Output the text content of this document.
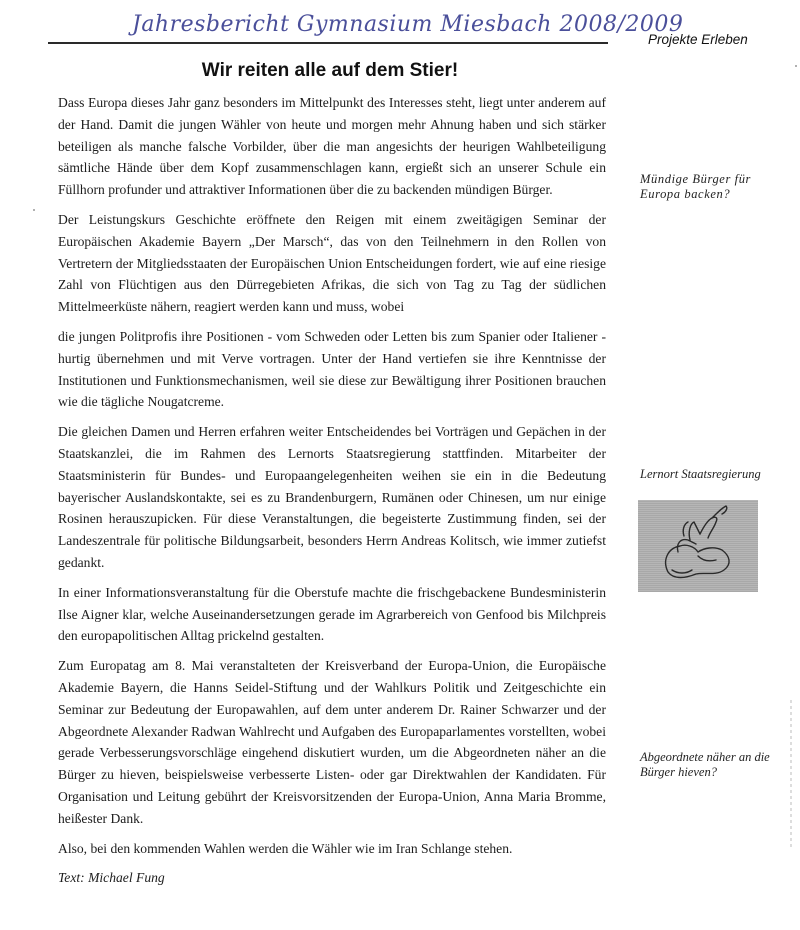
Jahresbericht Gymnasium Miesbach 2008/2009
Projekte Erleben
Wir reiten alle auf dem Stier!

Dass Europa dieses Jahr ganz besonders im Mittelpunkt des Interesses steht, liegt unter anderem auf der Hand. Damit die jungen Wähler von heute und morgen mehr Ahnung haben und sich stärker beteiligen als manche falsche Vorbilder, über die man angesichts der heurigen Wahlbeteiligung sämtliche Hände über dem Kopf zusammenschlagen kann, ergießt sich an unserer Schule ein Füllhorn profunder und attraktiver Informationen über die zu backenden mündigen Bürger.

Der Leistungskurs Geschichte eröffnete den Reigen mit einem zweitägigen Seminar der Europäischen Akademie Bayern „Der Marsch“, das von den Teilnehmern in den Rollen von Vertretern der Mitgliedsstaaten der Europäischen Union Entscheidungen fordert, wie auf eine riesige Zahl von Flüchtigen aus den Dürregebieten Afrikas, die sich von Tag zu Tag der südlichen Mittelmeerküste nähern, reagiert werden kann und muss, wobei

die jungen Politprofis ihre Positionen - vom Schweden oder Letten bis zum Spanier oder Italiener - hurtig übernehmen und mit Verve vortragen. Unter der Hand vertiefen sie ihre Kenntnisse der Institutionen und Funktionsmechanismen, weil sie diese zur Bewältigung ihrer Positionen brauchen wie die tägliche Nougatcreme.

Die gleichen Damen und Herren erfahren weiter Entscheidendes bei Vorträgen und Gepächen in der Staatskanzlei, die im Rahmen des Lernorts Staatsregierung stattfinden. Mitarbeiter der Staatsministerin für Bundes- und Europaangelegenheiten weihen sie ein in die Bedeutung bayerischer Auslandskontakte, sei es zu Brandenburgern, Rumänen oder Chinesen, um nur einige Rosinen herauszupicken. Für diese Veranstaltungen, die begeisterte Zustimmung finden, sei der Landeszentrale für politische Bildungsarbeit, besonders Herrn Andreas Kolitsch, wie immer zutiefst gedankt.

In einer Informationsveranstaltung für die Oberstufe machte die frischgebackene Bundesministerin Ilse Aigner klar, welche Auseinandersetzungen gerade im Agrarbereich von Genfood bis Milchpreis den europapolitischen Alltag prickelnd gestalten.

Zum Europatag am 8. Mai veranstalteten der Kreisverband der Europa-Union, die Europäische Akademie Bayern, die Hanns Seidel-Stiftung und der Wahlkurs Politik und Zeitgeschichte ein Seminar zur Bedeutung der Europawahlen, auf dem unter anderem Dr. Rainer Schwarzer und der Abgeordnete Alexander Radwan Wahlrecht und Aufgaben des Europaparlamentes vorstellten, wobei gerade Verbesserungsvorschläge eingehend diskutiert wurden, um die Abgeordneten näher an die Bürger zu hieven, beispielsweise verbesserte Listen- oder gar Direktwahlen der Kandidaten. Für Organisation und Leitung gebührt der Kreisvorsitzenden der Europa-Union, Anna Maria Bromme, heißester Dank.

Also, bei den kommenden Wahlen werden die Wähler wie im Iran Schlange stehen.

Text: Michael Fung

Mündige Bürger für Europa backen?
Lernort Staatsregierung
Abgeordnete näher an die Bürger hieven?
